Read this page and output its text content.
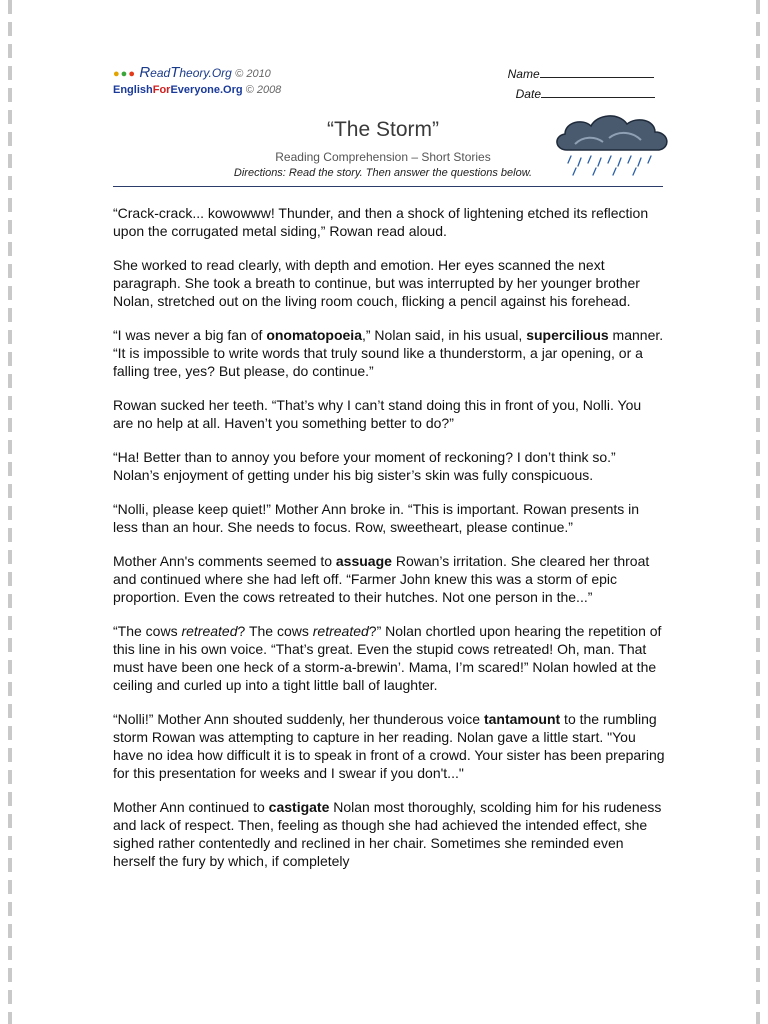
●●● ReadTheory.Org © 2010
EnglishForEveryone.Org © 2008
Name
Date
“The Storm”
Reading Comprehension – Short Stories
Directions: Read the story. Then answer the questions below.

“Crack-crack... kowowww! Thunder, and then a shock of lightening etched its reflection upon the corrugated metal siding,” Rowan read aloud.

She worked to read clearly, with depth and emotion. Her eyes scanned the next paragraph. She took a breath to continue, but was interrupted by her younger brother Nolan, stretched out on the living room couch, flicking a pencil against his forehead.

“I was never a big fan of onomatopoeia,” Nolan said, in his usual, supercilious manner. “It is impossible to write words that truly sound like a thunderstorm, a jar opening, or a falling tree, yes? But please, do continue.”

Rowan sucked her teeth. “That’s why I can’t stand doing this in front of you, Nolli. You are no help at all. Haven’t you something better to do?”

“Ha! Better than to annoy you before your moment of reckoning? I don’t think so.” Nolan’s enjoyment of getting under his big sister’s skin was fully conspicuous.

“Nolli, please keep quiet!” Mother Ann broke in. “This is important. Rowan presents in less than an hour. She needs to focus. Row, sweetheart, please continue.”

Mother Ann's comments seemed to assuage Rowan’s irritation. She cleared her throat and continued where she had left off. “Farmer John knew this was a storm of epic proportion. Even the cows retreated to their hutches. Not one person in the...”

“The cows retreated? The cows retreated?” Nolan chortled upon hearing the repetition of this line in his own voice. “That’s great. Even the stupid cows retreated! Oh, man. That must have been one heck of a storm-a-brewin’. Mama, I’m scared!” Nolan howled at the ceiling and curled up into a tight little ball of laughter.

“Nolli!” Mother Ann shouted suddenly, her thunderous voice tantamount to the rumbling storm Rowan was attempting to capture in her reading. Nolan gave a little start. "You have no idea how difficult it is to speak in front of a crowd. Your sister has been preparing for this presentation for weeks and I swear if you don't..."

Mother Ann continued to castigate Nolan most thoroughly, scolding him for his rudeness and lack of respect. Then, feeling as though she had achieved the intended effect, she sighed rather contentedly and reclined in her chair. Sometimes she reminded even herself the fury by which, if completely
